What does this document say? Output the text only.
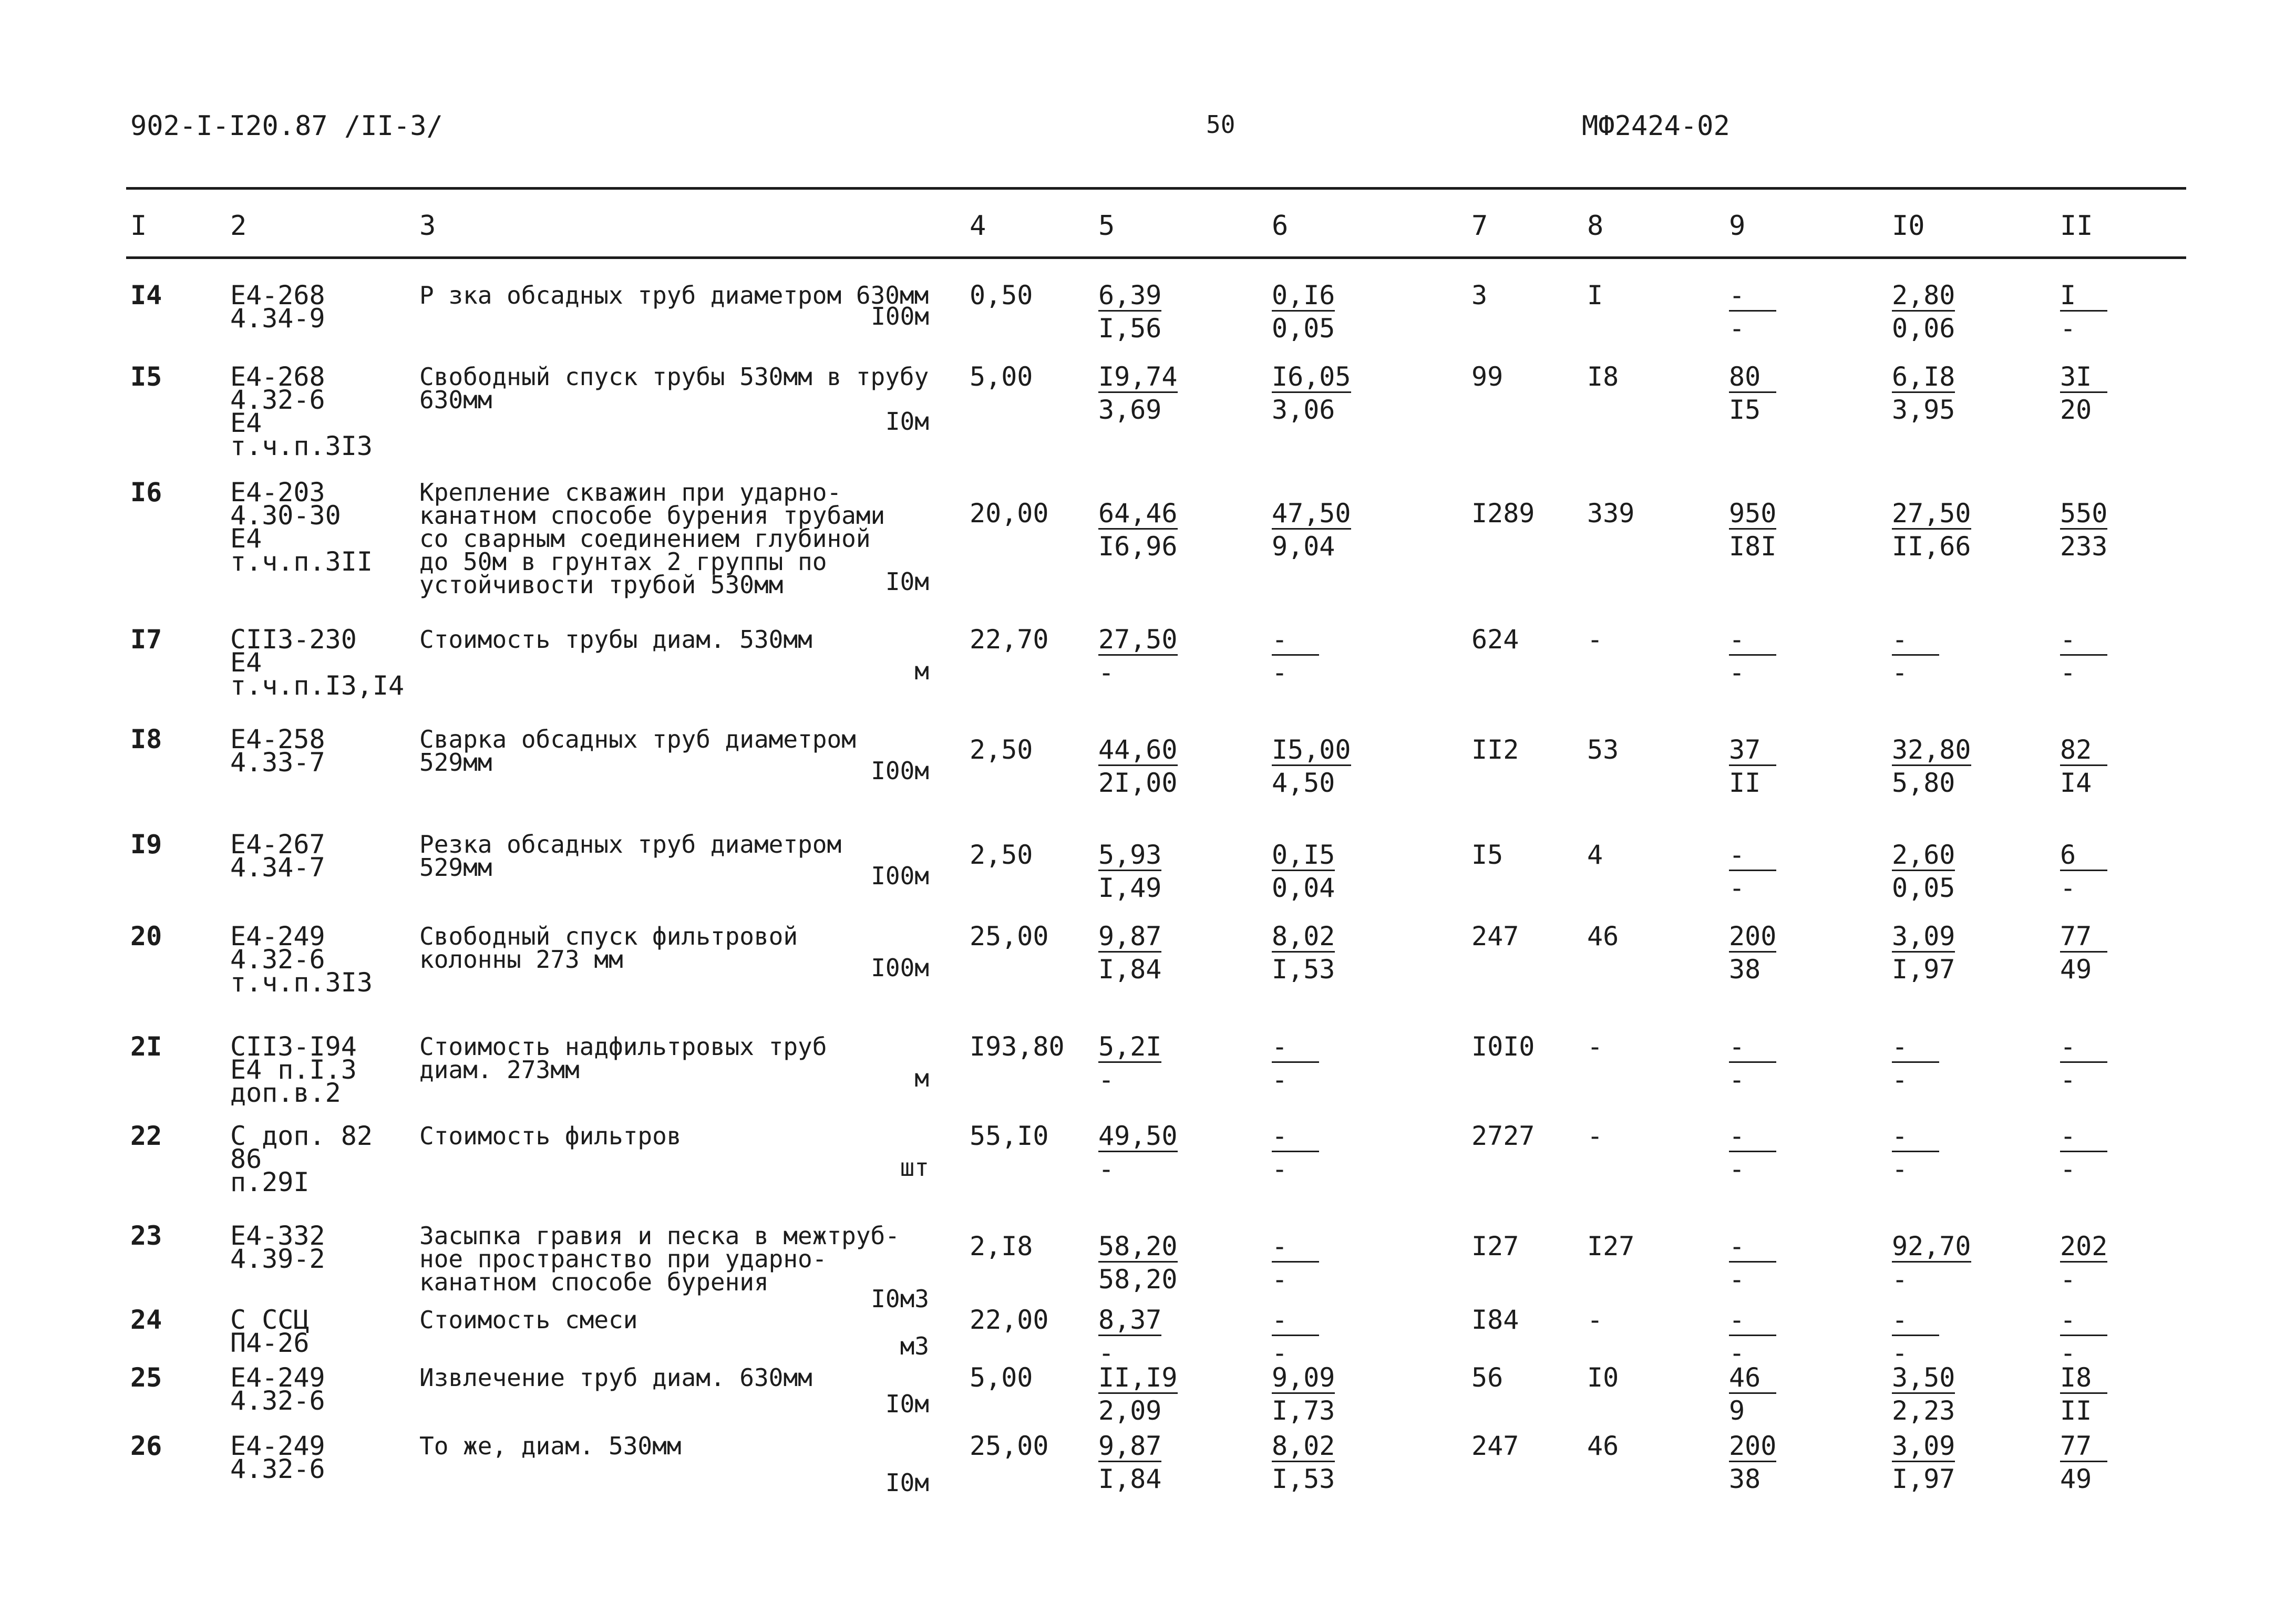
902-I-I20.87 /II-3/	50	МФ2424-02
I	2	3	4	5	6	7	8	9	I0	II
I4	Е4-268
4.34-9
Р зка обсадных труб диаметром 630мм
I00м
0,50	$\frac{6,39}{I,56}$	$\frac{0,I6}{0,05}$	3	I	$\frac{-}{-}$	$\frac{2,80}{0,06}$	$\frac{I}{-}$
I5	Е4-268
4.32-6
Е4
т.ч.п.3I3
Свободный спуск трубы 530мм в трубу
630мм
I0м
5,00	$\frac{I9,74}{3,69}$	$\frac{I6,05}{3,06}$	99	I8	$\frac{80}{I5}$	$\frac{6,I8}{3,95}$	$\frac{3I}{20}$
I6	Е4-203
4.30-30
Е4
т.ч.п.3II
Крепление скважин при ударно-
канатном способе бурения трубами
со сварным соединением глубиной
до 50м в грунтах 2 группы по
устойчивости трубой 530мм	I0м
20,00	$\frac{64,46}{I6,96}$	$\frac{47,50}{9,04}$	I289	339	$\frac{950}{I8I}$	$\frac{27,50}{II,66}$	$\frac{550}{233}$
I7	СII3-230
Е4
т.ч.п.I3,I4
Стоимость трубы диам. 530мм
м
22,70	$\frac{27,50}{-}$	$\frac{-}{-}$	624	-	$\frac{-}{-}$	$\frac{-}{-}$	$\frac{-}{-}$
I8	Е4-258
4.33-7
Сварка обсадных труб диаметром
529мм	I00м
2,50	$\frac{44,60}{2I,00}$	$\frac{I5,00}{4,50}$	II2	53	$\frac{37}{II}$	$\frac{32,80}{5,80}$	$\frac{82}{I4}$
I9	Е4-267
4.34-7
Резка обсадных труб диаметром
529мм	I00м
2,50	$\frac{5,93}{I,49}$	$\frac{0,I5}{0,04}$	I5	4	$\frac{-}{-}$	$\frac{2,60}{0,05}$	$\frac{6}{-}$
20	Е4-249
4.32-6
т.ч.п.3I3
Свободный спуск фильтровой
колонны 273 мм	I00м
25,00	$\frac{9,87}{I,84}$	$\frac{8,02}{I,53}$	247	46	$\frac{200}{38}$	$\frac{3,09}{I,97}$	$\frac{77}{49}$
2I	СII3-I94
Е4 п.I.3
доп.в.2
Стоимость надфильтровых труб
диам. 273мм	м
I93,80	$\frac{5,2I}{-}$	$\frac{-}{-}$	I0I0	-	$\frac{-}{-}$	$\frac{-}{-}$	$\frac{-}{-}$
22	С доп. 82
86
п.29I
Стоимость фильтров
шт
55,I0	$\frac{49,50}{-}$	$\frac{-}{-}$	2727	-	$\frac{-}{-}$	$\frac{-}{-}$	$\frac{-}{-}$
23	Е4-332
4.39-2
Засыпка гравия и песка в межтруб-
ное пространство при ударно-
канатном способе бурения
I0м3
2,I8	$\frac{58,20}{58,20}$	$\frac{-}{-}$	I27	I27	$\frac{-}{-}$	$\frac{92,70}{-}$	$\frac{202}{-}$
24	С ССЦ
П4-26
Стоимость смеси
м3
22,00	$\frac{8,37}{-}$	$\frac{-}{-}$	I84	-	$\frac{-}{-}$	$\frac{-}{-}$	$\frac{-}{-}$
25	Е4-249
4.32-6
Извлечение труб диам. 630мм
I0м
5,00	$\frac{II,I9}{2,09}$	$\frac{9,09}{I,73}$	56	I0	$\frac{46}{9}$	$\frac{3,50}{2,23}$	$\frac{I8}{II}$
26	Е4-249
4.32-6
То же, диам. 530мм
I0м
25,00	$\frac{9,87}{I,84}$	$\frac{8,02}{I,53}$	247	46	$\frac{200}{38}$	$\frac{3,09}{I,97}$	$\frac{77}{49}$
